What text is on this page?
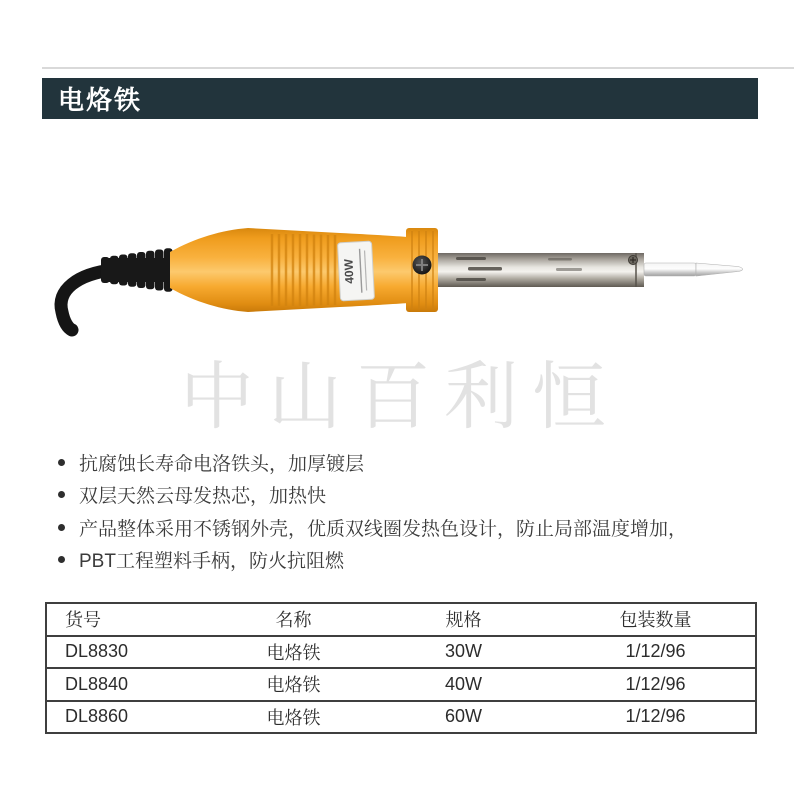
电烙铁
40W
中山百利恒
抗腐蚀长寿命电洛铁头，加厚镀层
双层天然云母发热芯，加热快
产品整体采用不锈钢外壳，优质双线圈发热色设计，防止局部温度增加，
PBT工程塑料手柄，防火抗阻燃
货号	名称	规格	包装数量
DL8830	电烙铁	30W	1/12/96
DL8840	电烙铁	40W	1/12/96
DL8860	电烙铁	60W	1/12/96
